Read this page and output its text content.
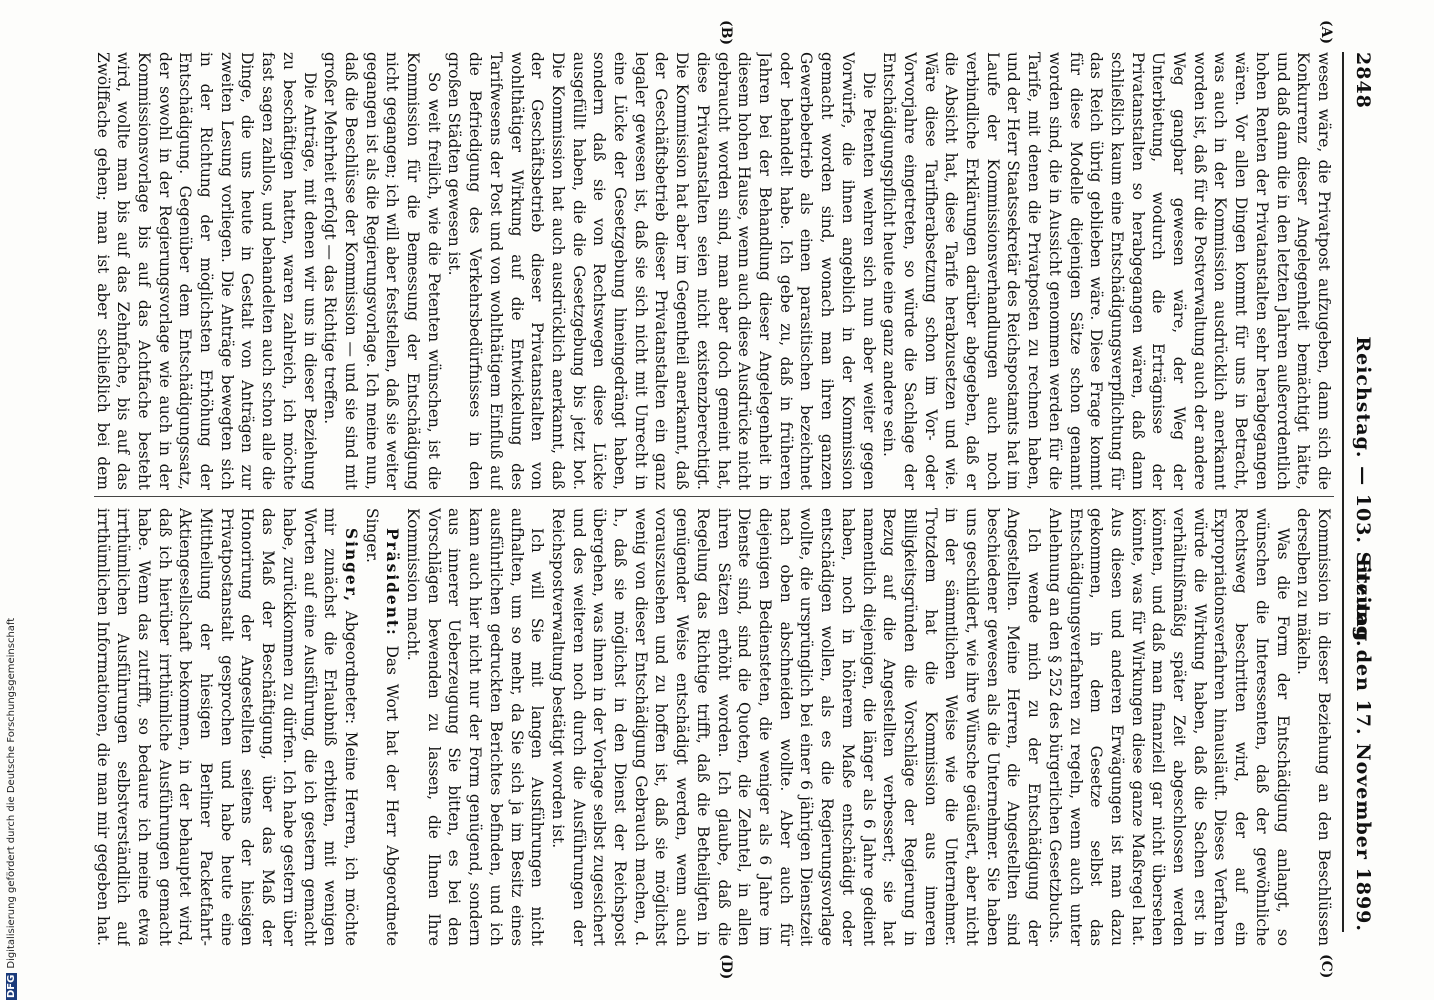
2848
Reichstag. — 103. Sitzung.
Freitag den 17. November 1899.
(A)
(B)
(C)
(D)

wesen wäre, die Privatpost aufzugeben, dann sich die Konkurrenz dieser Angelegenheit bemächtigt hätte, und daß dann die in den letzten Jahren außerordentlich hohen Renten der Privatanstalten sehr herabgegangen wären. Vor allen Dingen kommt für uns in Betracht, was auch in der Kommission ausdrücklich anerkannt worden ist, daß für die Postverwaltung auch der andere Weg gangbar gewesen wäre, der Weg der Unterbietung, wodurch die Erträgnisse der Privatanstalten so herabgegangen wären, daß dann schließlich kaum eine Entschädigungsverpflichtung für das Reich übrig geblieben wäre. Diese Frage kommt für diese Modelle diejenigen Sätze schon genannt worden sind, die in Aussicht genommen werden für die Tarife, mit denen die Privatposten zu rechnen haben, und der Herr Staatssekretär des Reichspostamts hat im Laufe der Kommissionsverhandlungen auch noch verbindliche Erklärungen darüber abgegeben, daß er die Absicht hat, diese Tarife herabzusetzen und wie. Wäre diese Tarifherabsetzung schon im Vor- oder Vorvorjahre eingetreten, so würde die Sachlage der Entschädigungspflicht heute eine ganz andere sein.

Die Petenten wehren sich nun aber weiter gegen Vorwürfe, die ihnen angeblich in der Kommission gemacht worden sind, wonach man ihren ganzen Gewerbebetrieb als einen parasitischen bezeichnet oder behandelt habe. Ich gebe zu, daß in früheren Jahren bei der Behandlung dieser Angelegenheit in diesem hohen Hause, wenn auch diese Ausdrücke nicht gebraucht worden sind, man aber doch gemeint hat, diese Privatanstalten seien nicht existenzberechtigt. Die Kommission hat aber im Gegentheil anerkannt, daß der Geschäftsbetrieb dieser Privatanstalten ein ganz legaler gewesen ist, daß sie sich nicht mit Unrecht in eine Lücke der Gesetzgebung hineingedrängt haben, sondern daß sie von Rechtswegen diese Lücke ausgefüllt haben, die die Gesetzgebung bis jetzt bot. Die Kommission hat auch ausdrücklich anerkannt, daß der Geschäftsbetrieb dieser Privatanstalten von wohlthätiger Wirkung auf die Entwickelung des Tarifwesens der Post und von wohlthätigem Einfluß auf die Befriedigung des Verkehrsbedürfnisses in den großen Städten gewesen ist.

So weit freilich, wie die Petenten wünschen, ist die Kommission für die Bemessung der Entschädigung nicht gegangen; ich will aber feststellen, daß sie weiter gegangen ist als die Regierungsvorlage. Ich meine nun, daß die Beschlüsse der Kommission — und sie sind mit großer Mehrheit erfolgt — das Richtige treffen.

Die Anträge, mit denen wir uns in dieser Beziehung zu beschäftigen hatten, waren zahlreich, ich möchte fast sagen zahllos, und behandelten auch schon alle die Dinge, die uns heute in Gestalt von Anträgen zur zweiten Lesung vorliegen. Die Anträge bewegten sich in der Richtung der möglichsten Erhöhung der Entschädigung. Gegenüber dem Entschädigungssatz, der sowohl in der Regierungsvorlage wie auch in der Kommissionsvorlage bis auf das Achtfache besteht wird, wollte man bis auf das Zehnfache, bis auf das Zwölffache gehen; man ist aber schließlich bei dem

Kommission in dieser Beziehung an den Beschlüssen derselben zu mäkeln.

Was die Form der Entschädigung anlangt, so wünschen die Interessenten, daß der gewöhnliche Rechtsweg beschritten wird, der auf ein Expropriationsverfahren hinausläuft. Dieses Verfahren würde die Wirkung haben, daß die Sachen erst in verhältnißmäßig später Zeit abgeschlossen werden könnten, und daß man finanziell gar nicht übersehen könnte, was für Wirkungen diese ganze Maßregel hat. Aus diesen und anderen Erwägungen ist man dazu gekommen, in dem Gesetze selbst das Entschädigungsverfahren zu regeln, wenn auch unter Anlehnung an den § 252 des bürgerlichen Gesetzbuchs.

Ich wende mich zu der Entschädigung der Angestellten. Meine Herren, die Angestellten sind beschiedener gewesen als die Unternehmer. Sie haben uns geschildert, wie ihre Wünsche geäußert, aber nicht in der sämmtlichen Weise wie die Unternehmer. Trotzdem hat die Kommission aus inneren Billigkeitsgründen die Vorschläge der Regierung in Bezug auf die Angestellten verbessert; sie hat namentlich diejenigen, die länger als 6 Jahre gedient haben, noch in höherem Maße entschädigt oder entschädigen wollen, als es die Regierungsvorlage wollte, die ursprünglich bei einer 6 jährigen Dienstzeit nach oben abschneiden wollte. Aber auch für diejenigen Bediensteten, die weniger als 6 Jahre im Dienste sind, sind die Quoten, die Zehntel, in allen ihren Sätzen erhöht worden. Ich glaube, daß die Regelung das Richtige trifft, daß die Betheiligten in genügender Weise entschädigt werden, wenn auch vorauszusehen und zu hoffen ist, daß sie möglichst wenig von dieser Entschädigung Gebrauch machen, d. h., daß sie möglichst in den Dienst der Reichspost übergehen, was ihnen in der Vorlage selbst zugesichert und des weiteren noch durch die Ausführungen der Reichspostverwaltung bestätigt worden ist.

Ich will Sie mit langen Ausführungen nicht aufhalten, um so mehr, da Sie sich ja im Besitz eines ausführlichen gedruckten Berichtes befinden, und ich kann auch hier nicht nur der Form genügend, sondern aus innerer Ueberzeugung Sie bitten, es bei den Vorschlägen bewenden zu lassen, die Ihnen Ihre Kommission macht.

Präsident: Das Wort hat der Herr Abgeordnete Singer.

Singer, Abgeordneter: Meine Herren, ich möchte mir zunächst die Erlaubniß erbitten, mit wenigen Worten auf eine Ausführung, die ich gestern gemacht habe, zurückkommen zu dürfen. Ich habe gestern über das Maß der Beschäftigung, über das Maß der Honorirung der Angestellten seitens der hiesigen Privatpostanstalt gesprochen und habe heute eine Mittheilung der hiesigen Berliner Packetfahrt-Aktiengesellschaft bekommen, in der behauptet wird, daß ich hierüber irrthümliche Ausführungen gemacht habe. Wenn das zutrifft, so bedaure ich meine etwa irrthümlichen Ausführungen selbstverständlich auf irrthümlichen Informationen, die man mir gegeben hat.

DFGDigitalisierung gefördert durch die Deutsche Forschungsgemeinschaft
